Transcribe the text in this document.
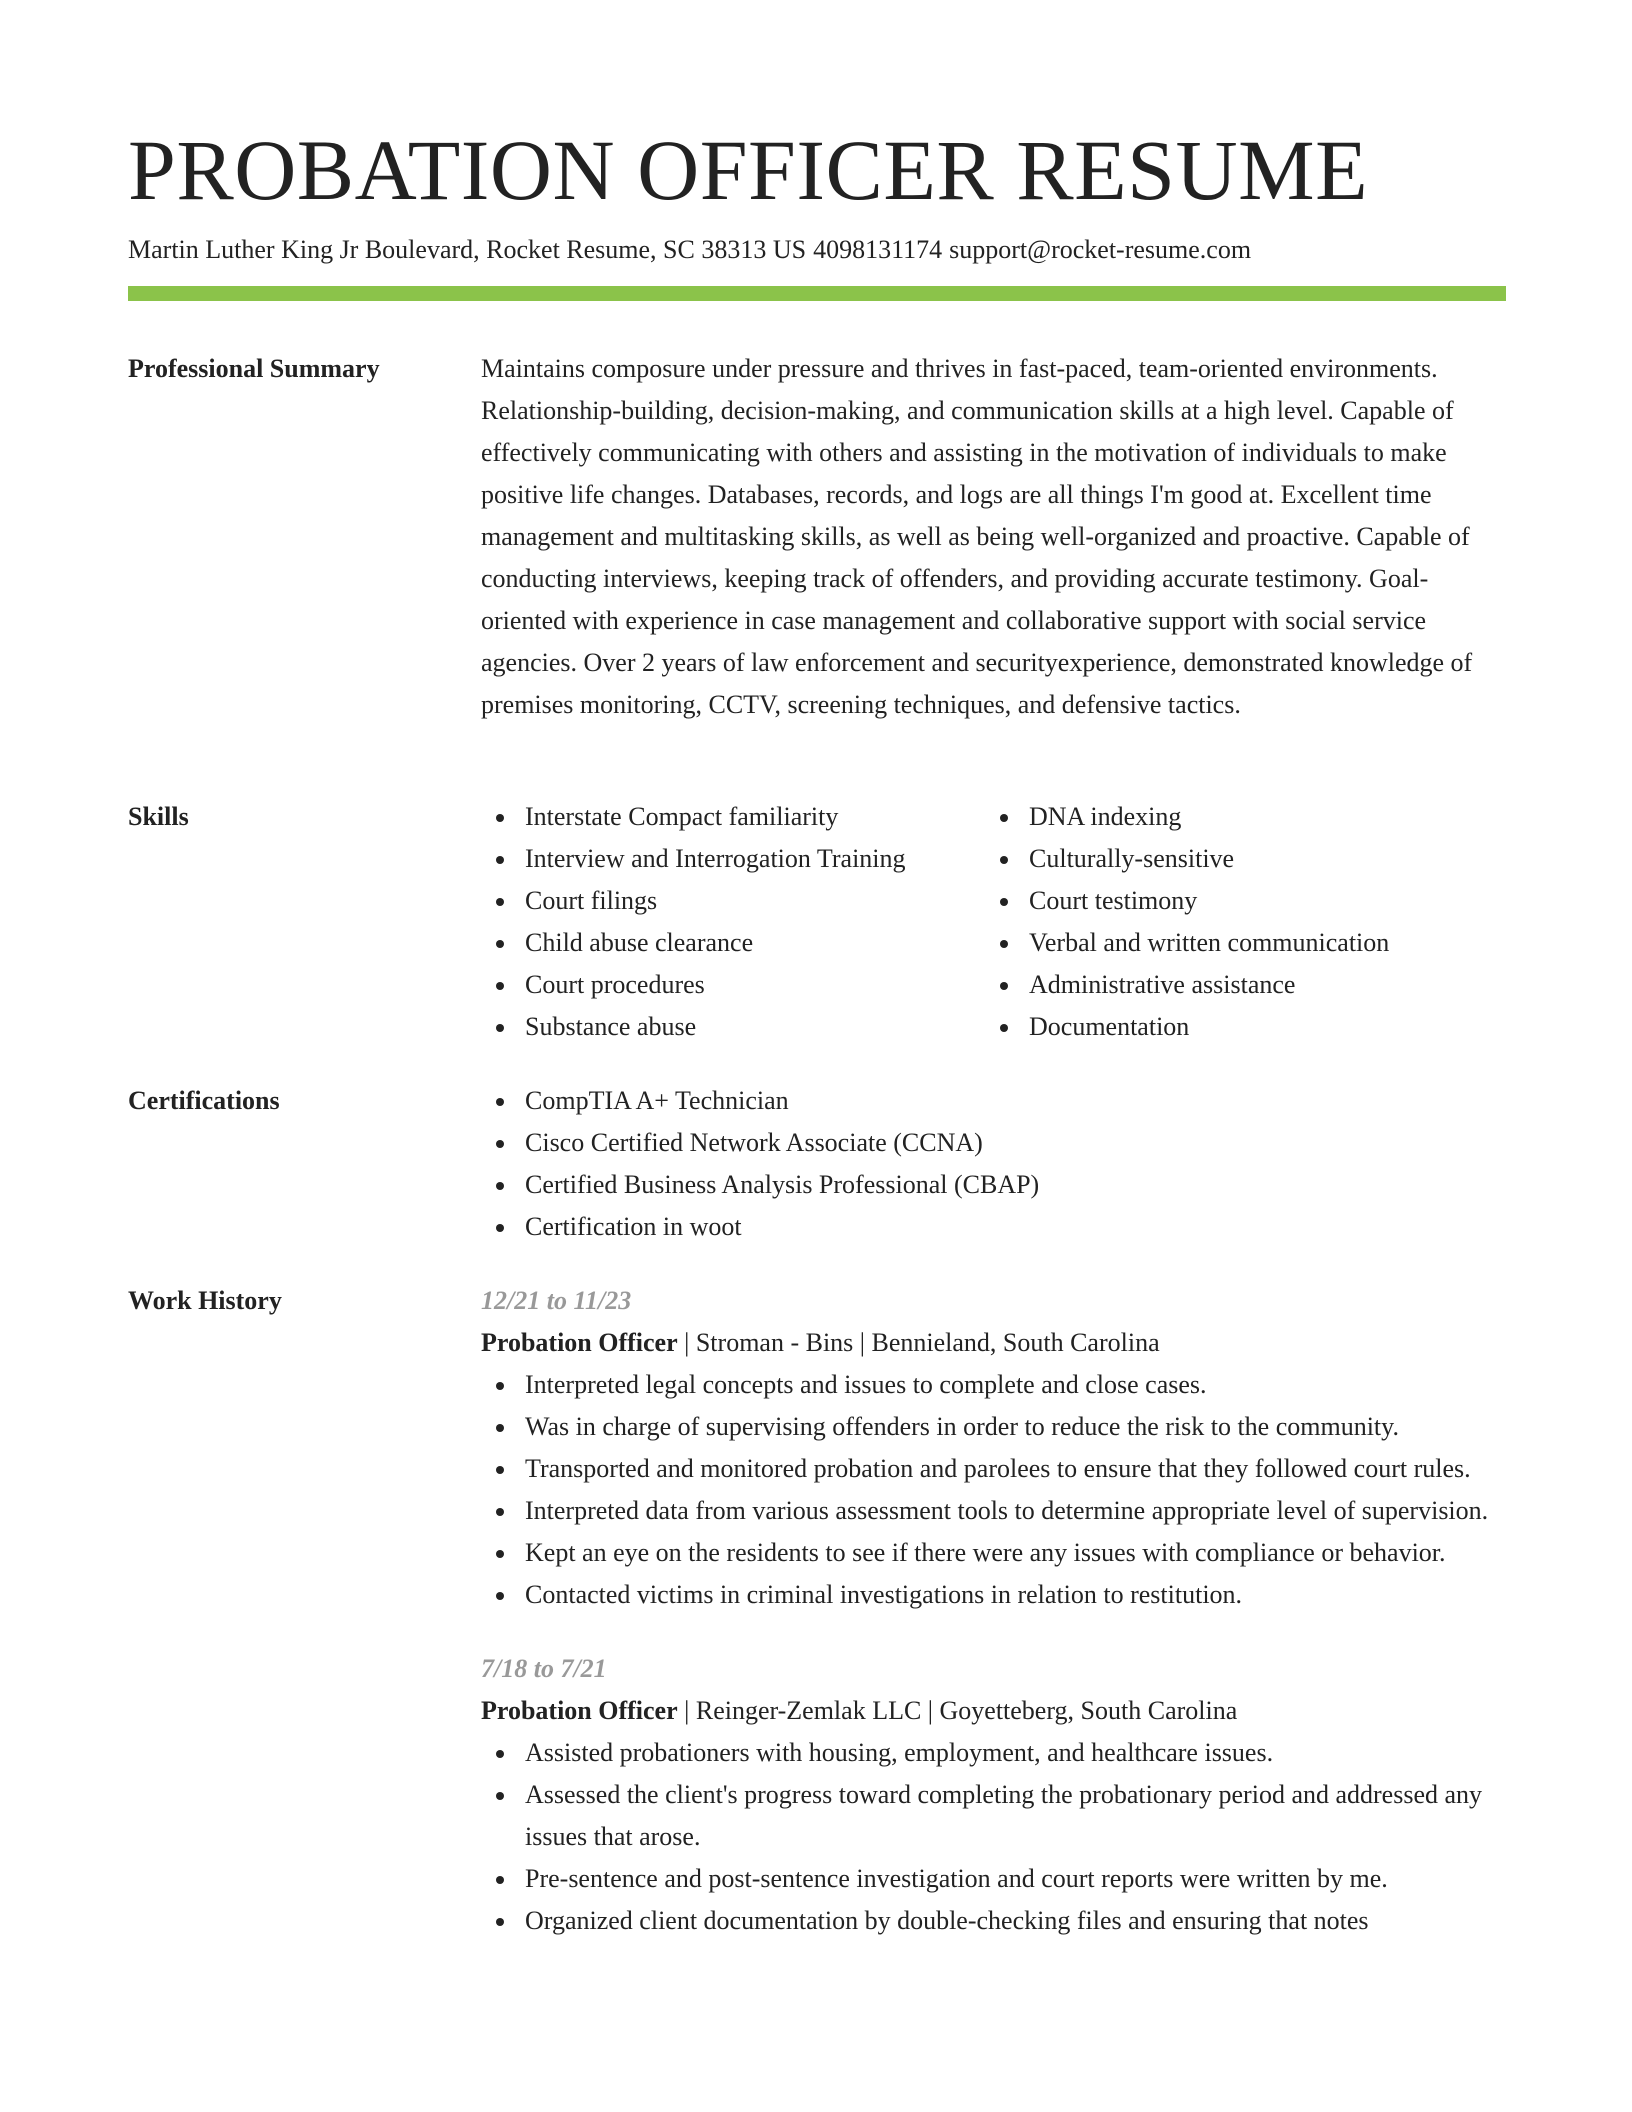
PROBATION OFFICER RESUME
Martin Luther King Jr Boulevard, Rocket Resume, SC 38313 US 4098131174 support@rocket-resume.com
Professional Summary	Maintains composure under pressure and thrives in fast-paced, team-oriented environments. Relationship-building, decision-making, and communication skills at a high level. Capable of effectively communicating with others and assisting in the motivation of individuals to make positive life changes. Databases, records, and logs are all things I'm good at. Excellent time management and multitasking skills, as well as being well-organized and proactive. Capable of conducting interviews, keeping track of offenders, and providing accurate testimony. Goal-oriented with experience in case management and collaborative support with social service agencies. Over 2 years of law enforcement and securityexperience, demonstrated knowledge of premises monitoring, CCTV, screening techniques, and defensive tactics.

Skills	Interstate Compact familiarity
Interview and Interrogation Training
Court filings
Child abuse clearance
Court procedures
Substance abuse
DNA indexing
Culturally-sensitive
Court testimony
Verbal and written communication
Administrative assistance
Documentation
Certifications	CompTIA A+ Technician
Cisco Certified Network Associate (CCNA)
Certified Business Analysis Professional (CBAP)
Certification in woot
Work History	12/21 to 11/23
Probation Officer | Stroman - Bins | Bennieland, South Carolina
Interpreted legal concepts and issues to complete and close cases.
Was in charge of supervising offenders in order to reduce the risk to the community.
Transported and monitored probation and parolees to ensure that they followed court rules.
Interpreted data from various assessment tools to determine appropriate level of supervision.
Kept an eye on the residents to see if there were any issues with compliance or behavior.
Contacted victims in criminal investigations in relation to restitution.
7/18 to 7/21
Probation Officer | Reinger-Zemlak LLC | Goyetteberg, South Carolina
Assisted probationers with housing, employment, and healthcare issues.
Assessed the client's progress toward completing the probationary period and addressed any issues that arose.
Pre-sentence and post-sentence investigation and court reports were written by me.
Organized client documentation by double-checking files and ensuring that notes
